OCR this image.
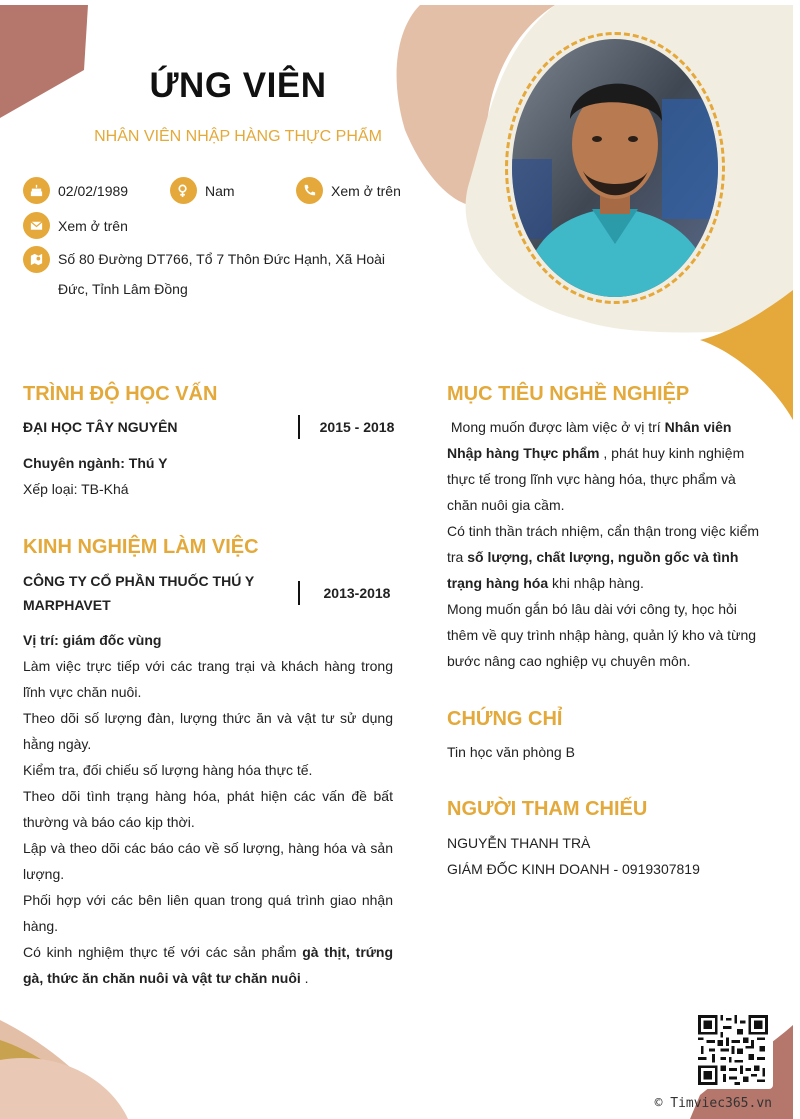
ỨNG VIÊN
NHÂN VIÊN NHẬP HÀNG THỰC PHẨM
02/02/1989	Nam	Xem ở trên
Xem ở trên
Số 80 Đường DT766, Tổ 7 Thôn Đức Hạnh, Xã Hoài
Đức, Tỉnh Lâm Đồng
TRÌNH ĐỘ HỌC VẤN
ĐẠI HỌC TÂY NGUYÊN	2015 - 2018
Chuyên ngành: Thú Y
Xếp loại: TB-Khá
KINH NGHIỆM LÀM VIỆC
CÔNG TY CỔ PHẦN THUỐC THÚ Y
MARPHAVET
2013-2018
Vị trí: giám đốc vùng
Làm việc trực tiếp với các trang trại và khách hàng trong lĩnh vực chăn nuôi.
Theo dõi số lượng đàn, lượng thức ăn và vật tư sử dụng hằng ngày.
Kiểm tra, đối chiếu số lượng hàng hóa thực tế.
Theo dõi tình trạng hàng hóa, phát hiện các vấn đề bất thường và báo cáo kịp thời.
Lập và theo dõi các báo cáo về số lượng, hàng hóa và sản lượng.
Phối hợp với các bên liên quan trong quá trình giao nhận hàng.
Có kinh nghiệm thực tế với các sản phẩm gà thịt, trứng gà, thức ăn chăn nuôi và vật tư chăn nuôi .
MỤC TIÊU NGHỀ NGHIỆP
Mong muốn được làm việc ở vị trí Nhân viên Nhập hàng Thực phẩm , phát huy kinh nghiệm thực tế trong lĩnh vực hàng hóa, thực phẩm và chăn nuôi gia cầm.
Có tinh thần trách nhiệm, cẩn thận trong việc kiểm tra số lượng, chất lượng, nguồn gốc và tình trạng hàng hóa khi nhập hàng.
Mong muốn gắn bó lâu dài với công ty, học hỏi thêm về quy trình nhập hàng, quản lý kho và từng bước nâng cao nghiệp vụ chuyên môn.
CHỨNG CHỈ
Tin học văn phòng B
NGƯỜI THAM CHIẾU
NGUYỄN THANH TRÀ
GIÁM ĐỐC KINH DOANH - 0919307819
© Timviec365.vn
